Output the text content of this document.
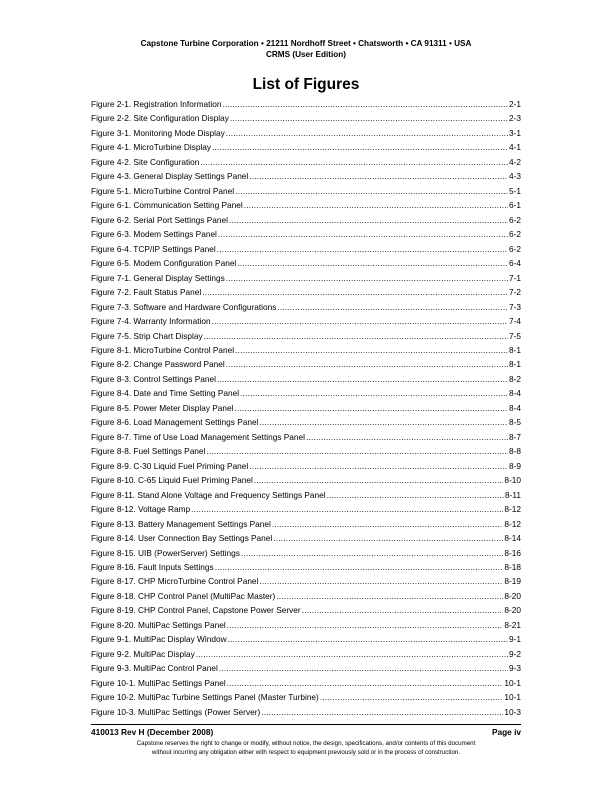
Capstone Turbine Corporation • 21211 Nordhoff Street • Chatsworth • CA 91311 • USA
CRMS (User Edition)
List of Figures
Figure 2-1. Registration Information .....	2-1
Figure 2-2. Site Configuration Display .....	2-3
Figure 3-1. Monitoring Mode Display .....	3-1
Figure 4-1. MicroTurbine Display .....	4-1
Figure 4-2. Site Configuration .....	4-2
Figure 4-3. General Display Settings Panel .....	4-3
Figure 5-1. MicroTurbine Control Panel .....	5-1
Figure 6-1. Communication Setting Panel .....	6-1
Figure 6-2. Serial Port Settings Panel .....	6-2
Figure 6-3. Modem Settings Panel .....	6-2
Figure 6-4. TCP/IP Settings Panel .....	6-2
Figure 6-5. Modem Configuration Panel .....	6-4
Figure 7-1. General Display Settings .....	7-1
Figure 7-2. Fault Status Panel .....	7-2
Figure 7-3. Software and Hardware Configurations .....	7-3
Figure 7-4. Warranty Information .....	7-4
Figure 7-5. Strip Chart Display .....	7-5
Figure 8-1. MicroTurbine Control Panel .....	8-1
Figure 8-2. Change Password Panel .....	8-1
Figure 8-3. Control Settings Panel .....	8-2
Figure 8-4. Date and Time Setting Panel .....	8-4
Figure 8-5. Power Meter Display Panel .....	8-4
Figure 8-6. Load Management Settings Panel .....	8-5
Figure 8-7. Time of Use Load Management Settings Panel .....	8-7
Figure 8-8. Fuel Settings Panel .....	8-8
Figure 8-9. C-30 Liquid Fuel Priming Panel .....	8-9
Figure 8-10. C-65 Liquid Fuel Priming Panel .....	8-10
Figure 8-11. Stand Alone Voltage and Frequency Settings Panel .....	8-11
Figure 8-12. Voltage Ramp .....	8-12
Figure 8-13. Battery Management Settings Panel .....	8-12
Figure 8-14. User Connection Bay Settings Panel .....	8-14
Figure 8-15. UIB (PowerServer) Settings .....	8-16
Figure 8-16. Fault Inputs Settings .....	8-18
Figure 8-17. CHP MicroTurbine Control Panel .....	8-19
Figure 8-18. CHP Control Panel (MultiPac Master) .....	8-20
Figure 8-19. CHP Control Panel, Capstone Power Server .....	8-20
Figure 8-20. MultiPac Settings Panel .....	8-21
Figure 9-1. MultiPac Display Window .....	9-1
Figure 9-2. MultiPac Display .....	9-2
Figure 9-3. MultiPac Control Panel .....	9-3
Figure 10-1. MultiPac Settings Panel .....	10-1
Figure 10-2. MultiPac Turbine Settings Panel (Master Turbine) .....	10-1
Figure 10-3. MultiPac Settings (Power Server) .....	10-3
410013 Rev H (December 2008)	Page iv
Capstone reserves the right to change or modify, without notice, the design, specifications, and/or contents of this document
without incurring any obligation either with respect to equipment previously sold or in the process of construction.
